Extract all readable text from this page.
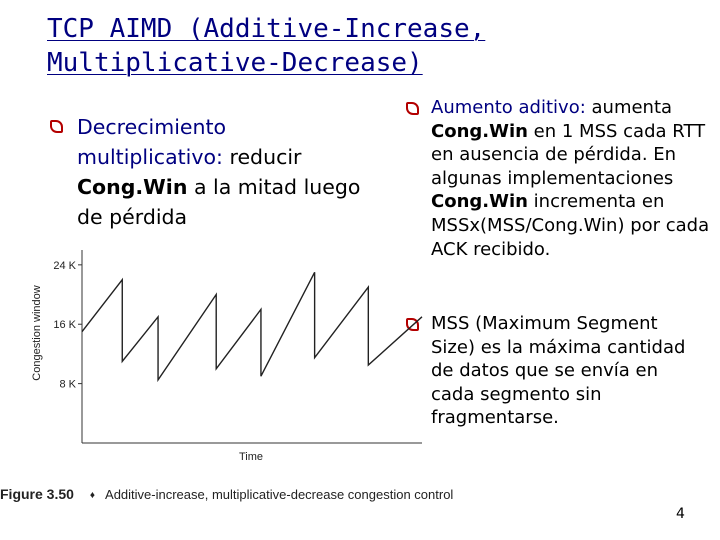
TCP AIMD (Additive-Increase, Multiplicative-Decrease)
Decrecimiento multiplicativo: reducir Cong.Win a la mitad luego de pérdida
Aumento aditivo: aumenta Cong.Win en 1 MSS cada RTT en ausencia de pérdida. En algunas implementaciones Cong.Win incrementa en MSSx(MSS/Cong.Win) por cada ACK recibido.
MSS (Maximum Segment Size) es la máxima cantidad de datos que se envía en cada segmento sin fragmentarse.
8 K
16 K
24 K
Congestion window
Time
Figure 3.50 ♦ Additive-increase, multiplicative-decrease congestion control
4
